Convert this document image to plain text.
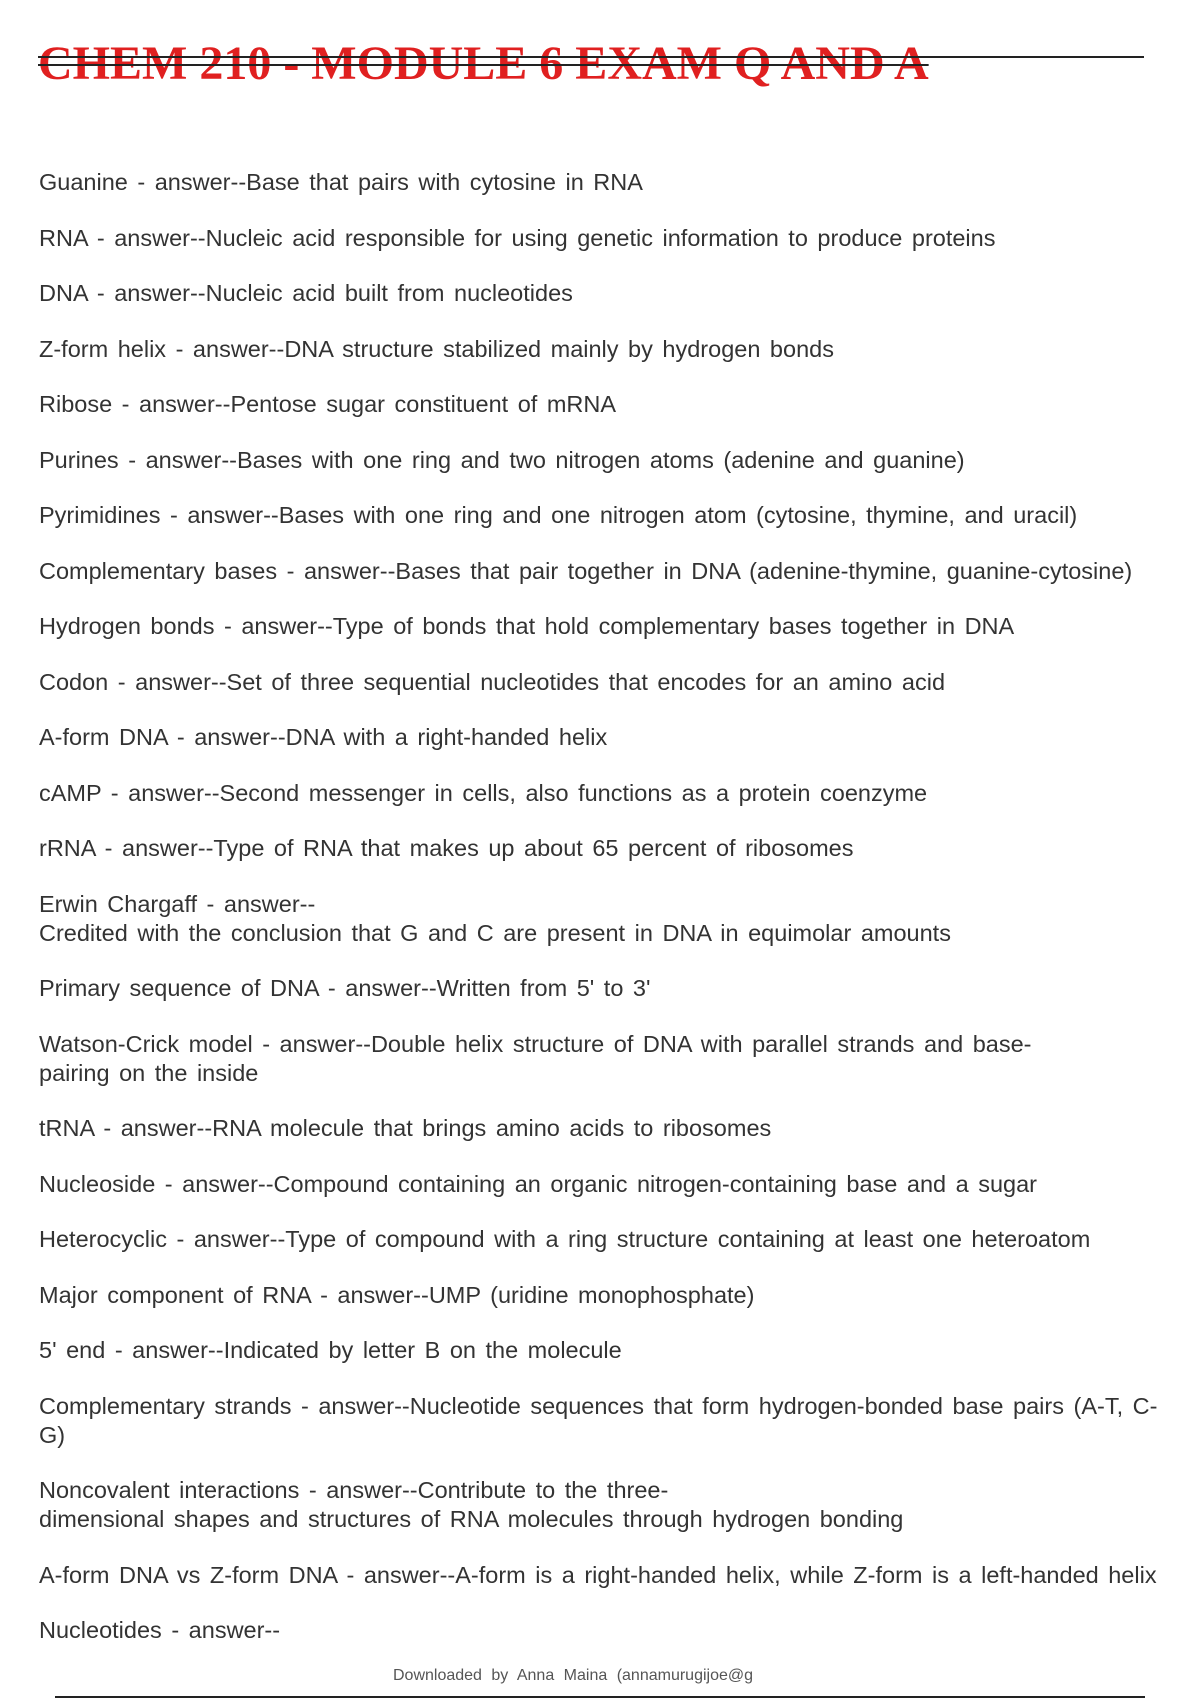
CHEM 210 - MODULE 6 EXAM Q AND A
Guanine - answer--Base that pairs with cytosine in RNA
RNA - answer--Nucleic acid responsible for using genetic information to produce proteins
DNA - answer--Nucleic acid built from nucleotides
Z-form helix - answer--DNA structure stabilized mainly by hydrogen bonds
Ribose - answer--Pentose sugar constituent of mRNA
Purines - answer--Bases with one ring and two nitrogen atoms (adenine and guanine)
Pyrimidines - answer--Bases with one ring and one nitrogen atom (cytosine, thymine, and uracil)
Complementary bases - answer--Bases that pair together in DNA (adenine-thymine, guanine-cytosine)
Hydrogen bonds - answer--Type of bonds that hold complementary bases together in DNA
Codon - answer--Set of three sequential nucleotides that encodes for an amino acid
A-form DNA - answer--DNA with a right-handed helix
cAMP - answer--Second messenger in cells, also functions as a protein coenzyme
rRNA - answer--Type of RNA that makes up about 65 percent of ribosomes
Erwin Chargaff - answer--
Credited with the conclusion that G and C are present in DNA in equimolar amounts
Primary sequence of DNA - answer--Written from 5' to 3'
Watson-Crick model - answer--Double helix structure of DNA with parallel strands and base-
pairing on the inside
tRNA - answer--RNA molecule that brings amino acids to ribosomes
Nucleoside - answer--Compound containing an organic nitrogen-containing base and a sugar
Heterocyclic - answer--Type of compound with a ring structure containing at least one heteroatom
Major component of RNA - answer--UMP (uridine monophosphate)
5' end - answer--Indicated by letter B on the molecule
Complementary strands - answer--Nucleotide sequences that form hydrogen-bonded base pairs (A-T, C-
G)
Noncovalent interactions - answer--Contribute to the three-
dimensional shapes and structures of RNA molecules through hydrogen bonding
A-form DNA vs Z-form DNA - answer--A-form is a right-handed helix, while Z-form is a left-handed helix
Nucleotides - answer--
Downloaded by Anna Maina (annamurugijoe@g
